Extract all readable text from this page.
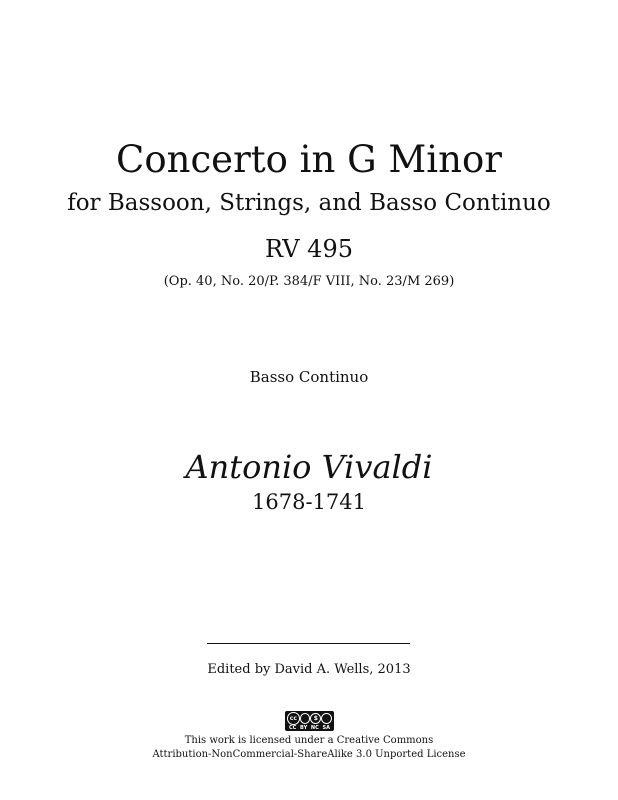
Concerto in G Minor
for Bassoon, Strings, and Basso Continuo
RV 495
(Op. 40, No. 20/P. 384/F VIII, No. 23/M 269)
Basso Continuo
Antonio Vivaldi
1678-1741
Edited by David A. Wells, 2013
cc	$
CC BY NC SA
This work is licensed under a Creative Commons
Attribution-NonCommercial-ShareAlike 3.0 Unported License
